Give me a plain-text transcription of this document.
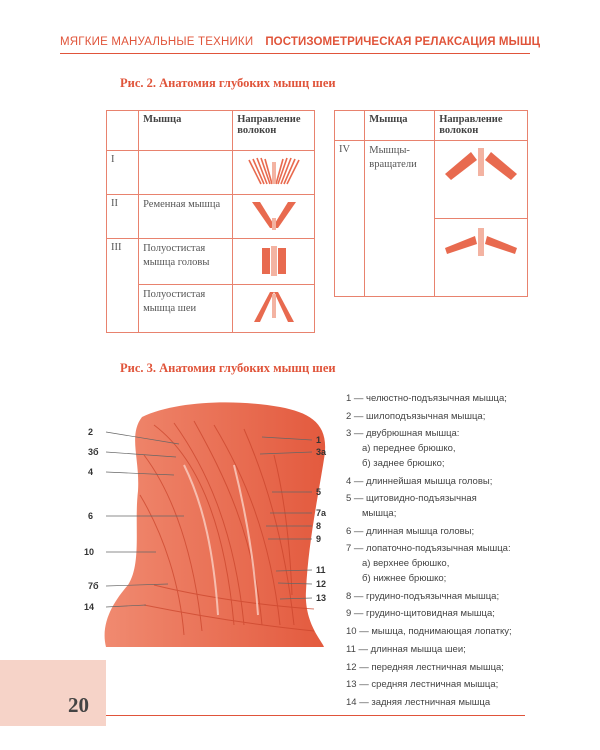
МЯГКИЕ МАНУАЛЬНЫЕ ТЕХНИКИ ПОСТИЗОМЕТРИЧЕСКАЯ РЕЛАКСАЦИЯ МЫШЦ
Рис. 2. Анатомия глубоких мышц шеи
	Мышца	Направление волокон
I		
II	Ременная мышца	
III	Полуостистая мышца головы	
	Полуостистая мышца шеи	
	Мышца	Направление волокон
IV	Мышцы-вращатели	

Рис. 3. Анатомия глубоких мышц шеи
2
3б
4
6
10
7б
14
1
3а
5
7а
8
9
11
12
13

1 — челюстно-подъязычная мышца;

2 — шилоподъязычная мышца;

3 — двубрюшная мышца:

а) переднее брюшко,

б) заднее брюшко;

4 — длиннейшая мышца головы;

5 — щитовидно-подъязычная

мышца;

6 — длинная мышца головы;

7 — лопаточно-подъязычная мышца:

а) верхнее брюшко,

б) нижнее брюшко;

8 — грудино-подъязычная мышца;

9 — грудино-щитовидная мышца;

10 — мышца, поднимающая лопатку;

11 — длинная мышца шеи;

12 — передняя лестничная мышца;

13 — средняя лестничная мышца;

14 — задняя лестничная мышца

20
